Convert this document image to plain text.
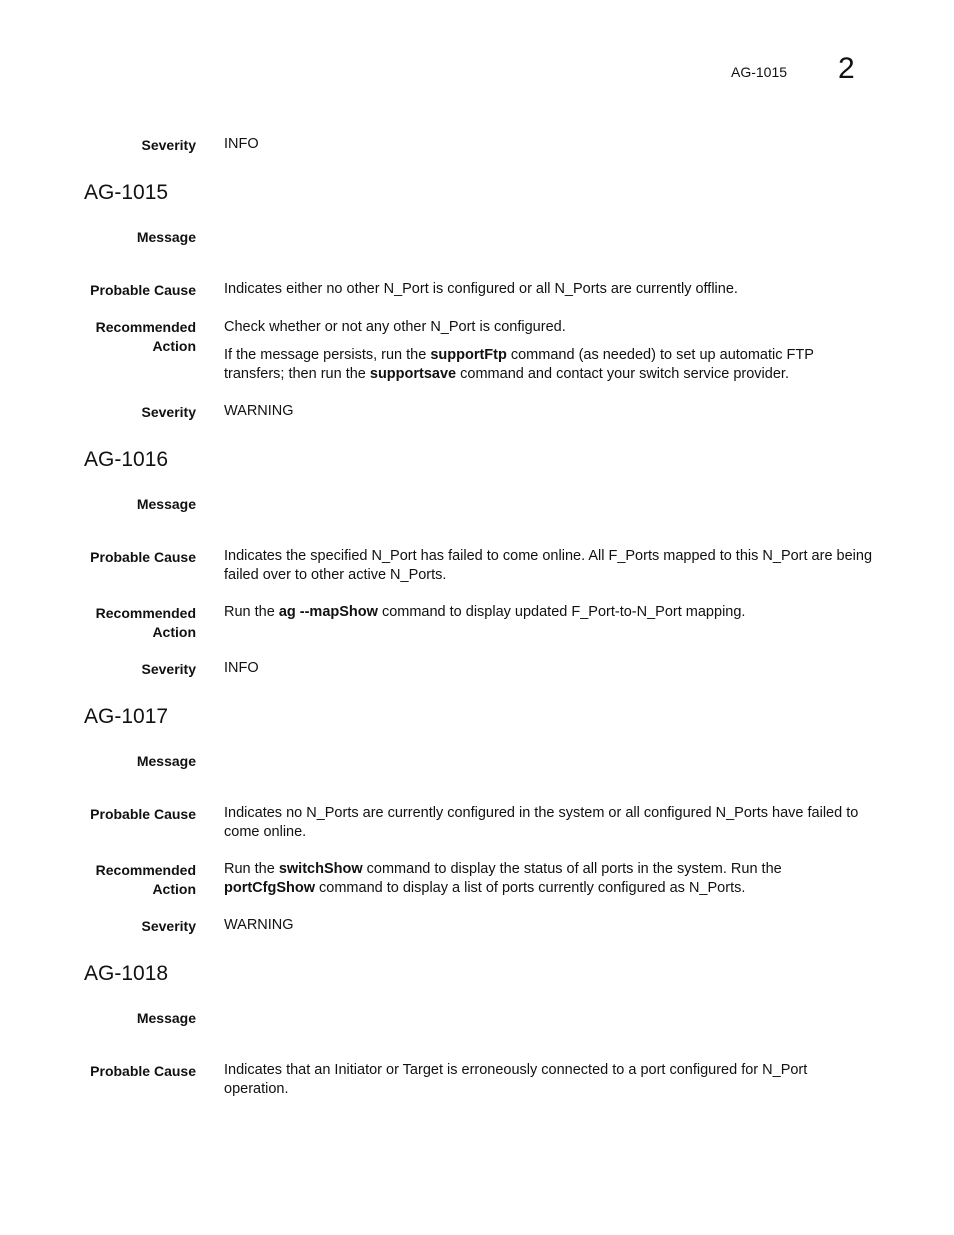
AG-1015 2
Severity INFO
AG-1015
Message
Probable Cause Indicates either no other N_Port is configured or all N_Ports are currently offline.
Recommended
Action
Check whether or not any other N_Port is configured.
If the message persists, run the supportFtp command (as needed) to set up automatic FTP transfers; then run the supportsave command and contact your switch service provider.
Severity WARNING
AG-1016
Message
Probable Cause Indicates the specified N_Port has failed to come online. All F_Ports mapped to this N_Port are being failed over to other active N_Ports.
Recommended
Action
Run the ag --mapShow command to display updated F_Port-to-N_Port mapping.
Severity INFO
AG-1017
Message
Probable Cause Indicates no N_Ports are currently configured in the system or all configured N_Ports have failed to come online.
Recommended
Action
Run the switchShow command to display the status of all ports in the system. Run the portCfgShow command to display a list of ports currently configured as N_Ports.
Severity WARNING
AG-1018
Message
Probable Cause Indicates that an Initiator or Target is erroneously connected to a port configured for N_Port operation.
